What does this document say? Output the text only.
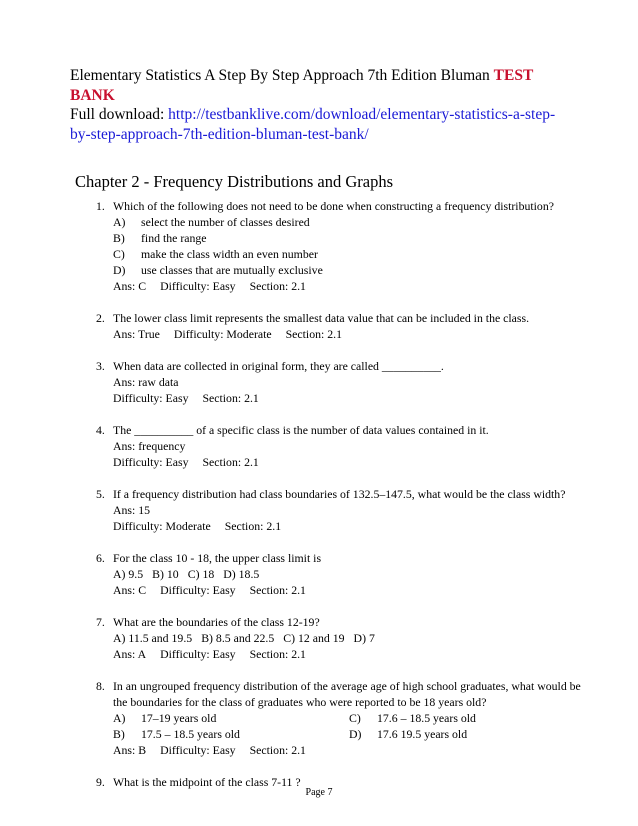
Elementary Statistics A Step By Step Approach 7th Edition Bluman TEST BANK
Full download: http://testbanklive.com/download/elementary-statistics-a-step-by-step-approach-7th-edition-bluman-test-bank/
Chapter 2 - Frequency Distributions and Graphs
1. Which of the following does not need to be done when constructing a frequency distribution?
A)	select the number of classes desired
B)	find the range
C)	make the class width an even number
D)	use classes that are mutually exclusive
Ans: C Difficulty: Easy Section: 2.1
2. The lower class limit represents the smallest data value that can be included in the class.
Ans: True Difficulty: Moderate Section: 2.1
3. When data are collected in original form, they are called __________.
Ans: raw data
Difficulty: Easy Section: 2.1
4. The __________ of a specific class is the number of data values contained in it.
Ans: frequency
Difficulty: Easy Section: 2.1
5. If a frequency distribution had class boundaries of 132.5–147.5, what would be the class width?
Ans: 15
Difficulty: Moderate Section: 2.1
6. For the class 10 - 18, the upper class limit is
A) 9.5 B) 10 C) 18 D) 18.5
Ans: C Difficulty: Easy Section: 2.1
7. What are the boundaries of the class 12-19?
A) 11.5 and 19.5 B) 8.5 and 22.5 C) 12 and 19 D) 7
Ans: A Difficulty: Easy Section: 2.1
8. In an ungrouped frequency distribution of the average age of high school graduates, what would be the boundaries for the class of graduates who were reported to be 18 years old?
A)	17–19 years old	C)	17.6 – 18.5 years old
B)	17.5 – 18.5 years old	D)	17.6 19.5 years old
Ans: B Difficulty: Easy Section: 2.1
9. What is the midpoint of the class 7-11 ?
Page 7
